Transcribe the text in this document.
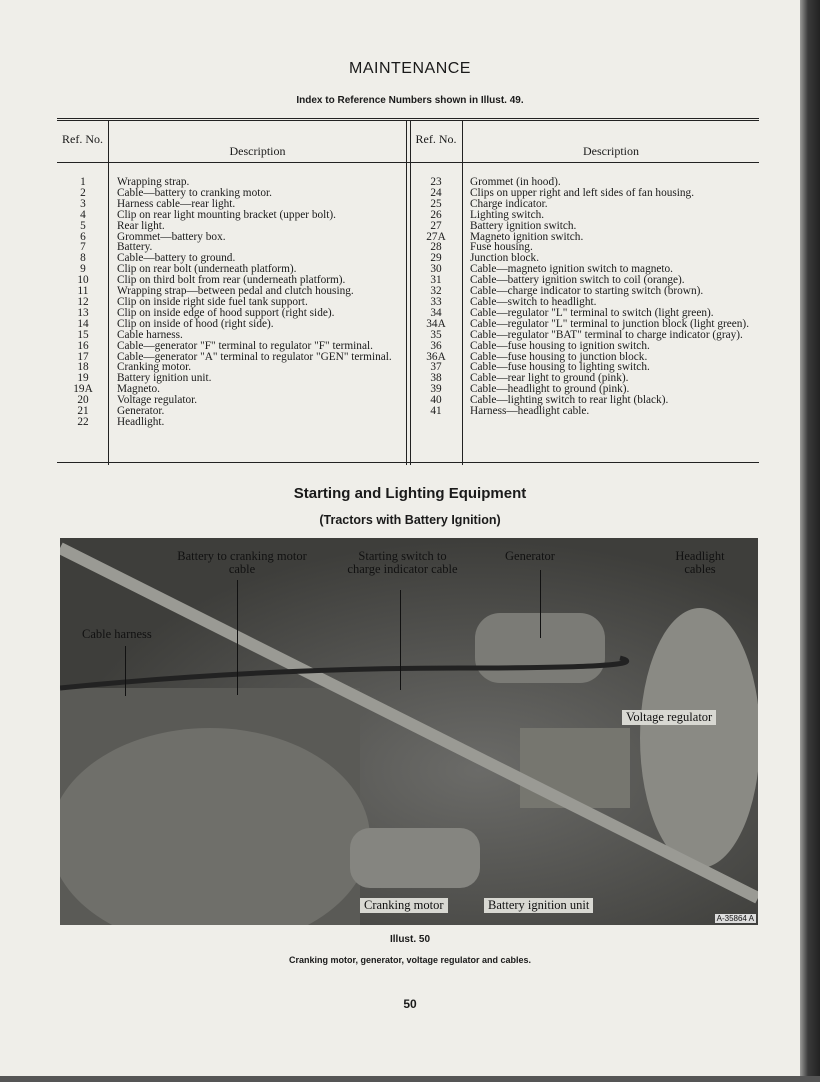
MAINTENANCE
Index to Reference Numbers shown in Illust. 49.
Ref. No.
Description
Ref. No.
Description
1	Wrapping strap.
2	Cable—battery to cranking motor.
3	Harness cable—rear light.
4	Clip on rear light mounting bracket (upper bolt).
5	Rear light.
6	Grommet—battery box.
7	Battery.
8	Cable—battery to ground.
9	Clip on rear bolt (underneath platform).
10	Clip on third bolt from rear (underneath platform).
11	Wrapping strap—between pedal and clutch housing.
12	Clip on inside right side fuel tank support.
13	Clip on inside edge of hood support (right side).
14	Clip on inside of hood (right side).
15	Cable harness.
16	Cable—generator "F" terminal to regulator "F" terminal.
17	Cable—generator "A" terminal to regulator "GEN" terminal.
18	Cranking motor.
19	Battery ignition unit.
19A	Magneto.
20	Voltage regulator.
21	Generator.
22	Headlight.
23	Grommet (in hood).
24	Clips on upper right and left sides of fan housing.
25	Charge indicator.
26	Lighting switch.
27	Battery ignition switch.
27A	Magneto ignition switch.
28	Fuse housing.
29	Junction block.
30	Cable—magneto ignition switch to magneto.
31	Cable—battery ignition switch to coil (orange).
32	Cable—charge indicator to starting switch (brown).
33	Cable—switch to headlight.
34	Cable—regulator "L" terminal to switch (light green).
34A	Cable—regulator "L" terminal to junction block (light green).
35	Cable—regulator "BAT" terminal to charge indicator (gray).
36	Cable—fuse housing to ignition switch.
36A	Cable—fuse housing to junction block.
37	Cable—fuse housing to lighting switch.
38	Cable—rear light to ground (pink).
39	Cable—headlight to ground (pink).
40	Cable—lighting switch to rear light (black).
41	Harness—headlight cable.
Starting and Lighting Equipment
(Tractors with Battery Ignition)
Battery to cranking motor cable
Starting switch to charge indicator cable
Generator	Headlight cables
Cable harness
Voltage regulator
Cranking motor	Battery ignition unit
A-35864 A
Illust. 50
Cranking motor, generator, voltage regulator and cables.
50
